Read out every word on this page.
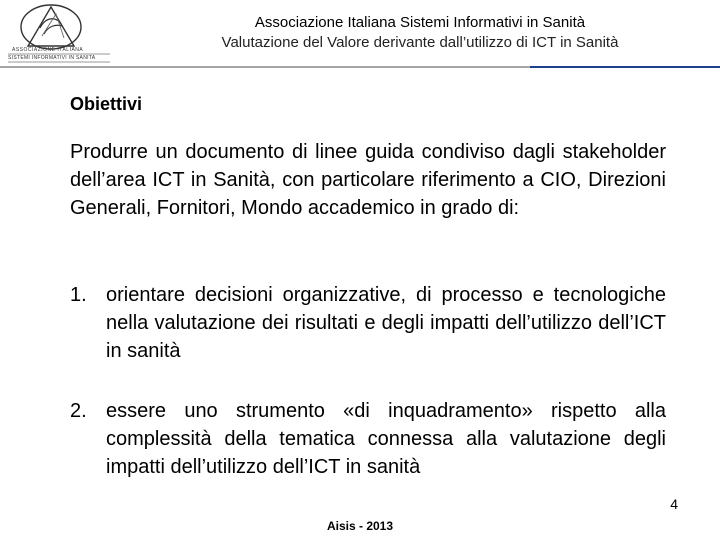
ASSOCIAZIONE ITALIANA
SISTEMI INFORMATIVI IN SANITA
Associazione Italiana Sistemi Informativi in Sanità
Valutazione del Valore derivante dall’utilizzo di ICT in Sanità
Obiettivi

Produrre un documento di linee guida condiviso dagli stakeholder dell’area ICT in Sanità, con particolare riferimento a CIO, Direzioni Generali, Fornitori, Mondo accademico in grado di:

1. orientare decisioni organizzative, di processo e tecnologiche nella valutazione dei risultati e degli impatti dell’utilizzo dell’ICT in sanità
2. essere uno strumento «di inquadramento» rispetto alla complessità della tematica connessa alla valutazione degli impatti dell’utilizzo dell’ICT in sanità
4
Aisis - 2013
